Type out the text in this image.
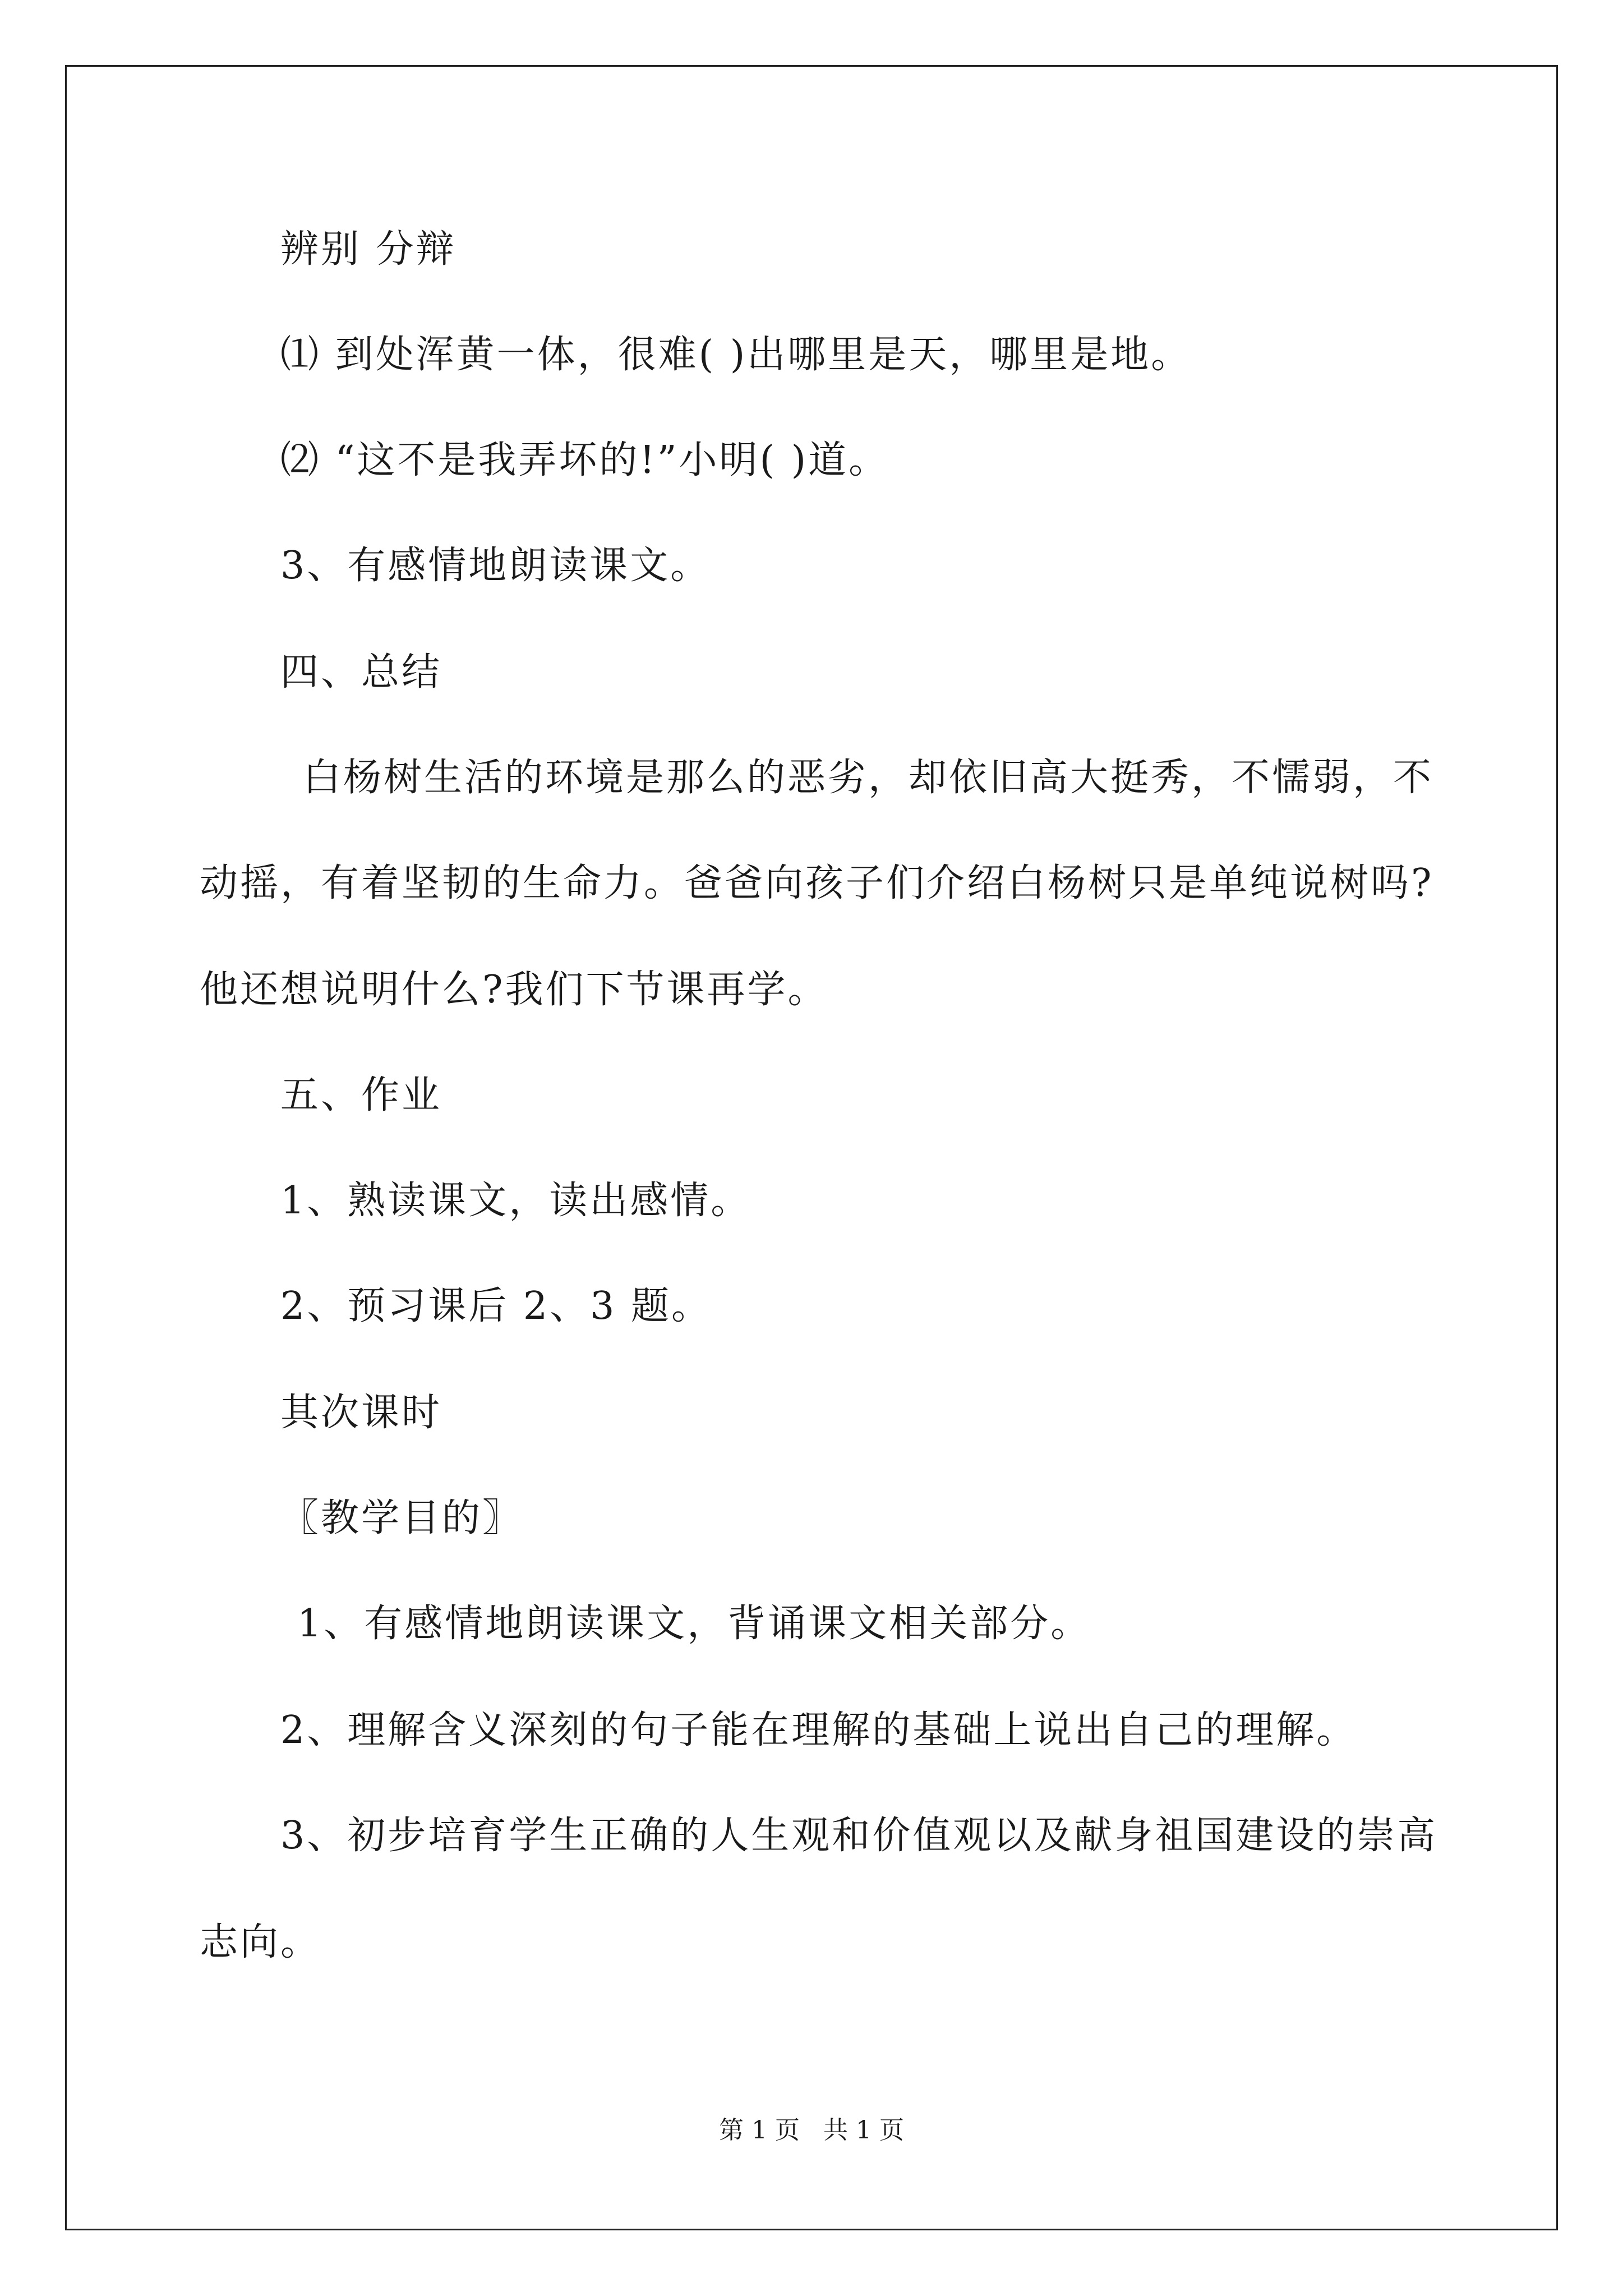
辨别 分辩
⑴ 到处浑黄一体，很难( )出哪里是天，哪里是地。
⑵ “这不是我弄坏的!”小明( )道。
3、有感情地朗读课文。
四、总结
白杨树生活的环境是那么的恶劣，却依旧高大挺秀，不懦弱，不
动摇，有着坚韧的生命力。爸爸向孩子们介绍白杨树只是单纯说树吗?
他还想说明什么?我们下节课再学。
五、作业
1、熟读课文，读出感情。
2、预习课后 2、3 题。
其次课时
〖教学目的〗
1、有感情地朗读课文，背诵课文相关部分。
2、理解含义深刻的句子能在理解的基础上说出自己的理解。
3、初步培育学生正确的人生观和价值观以及献身祖国建设的崇高
志向。
第 1 页   共 1 页
